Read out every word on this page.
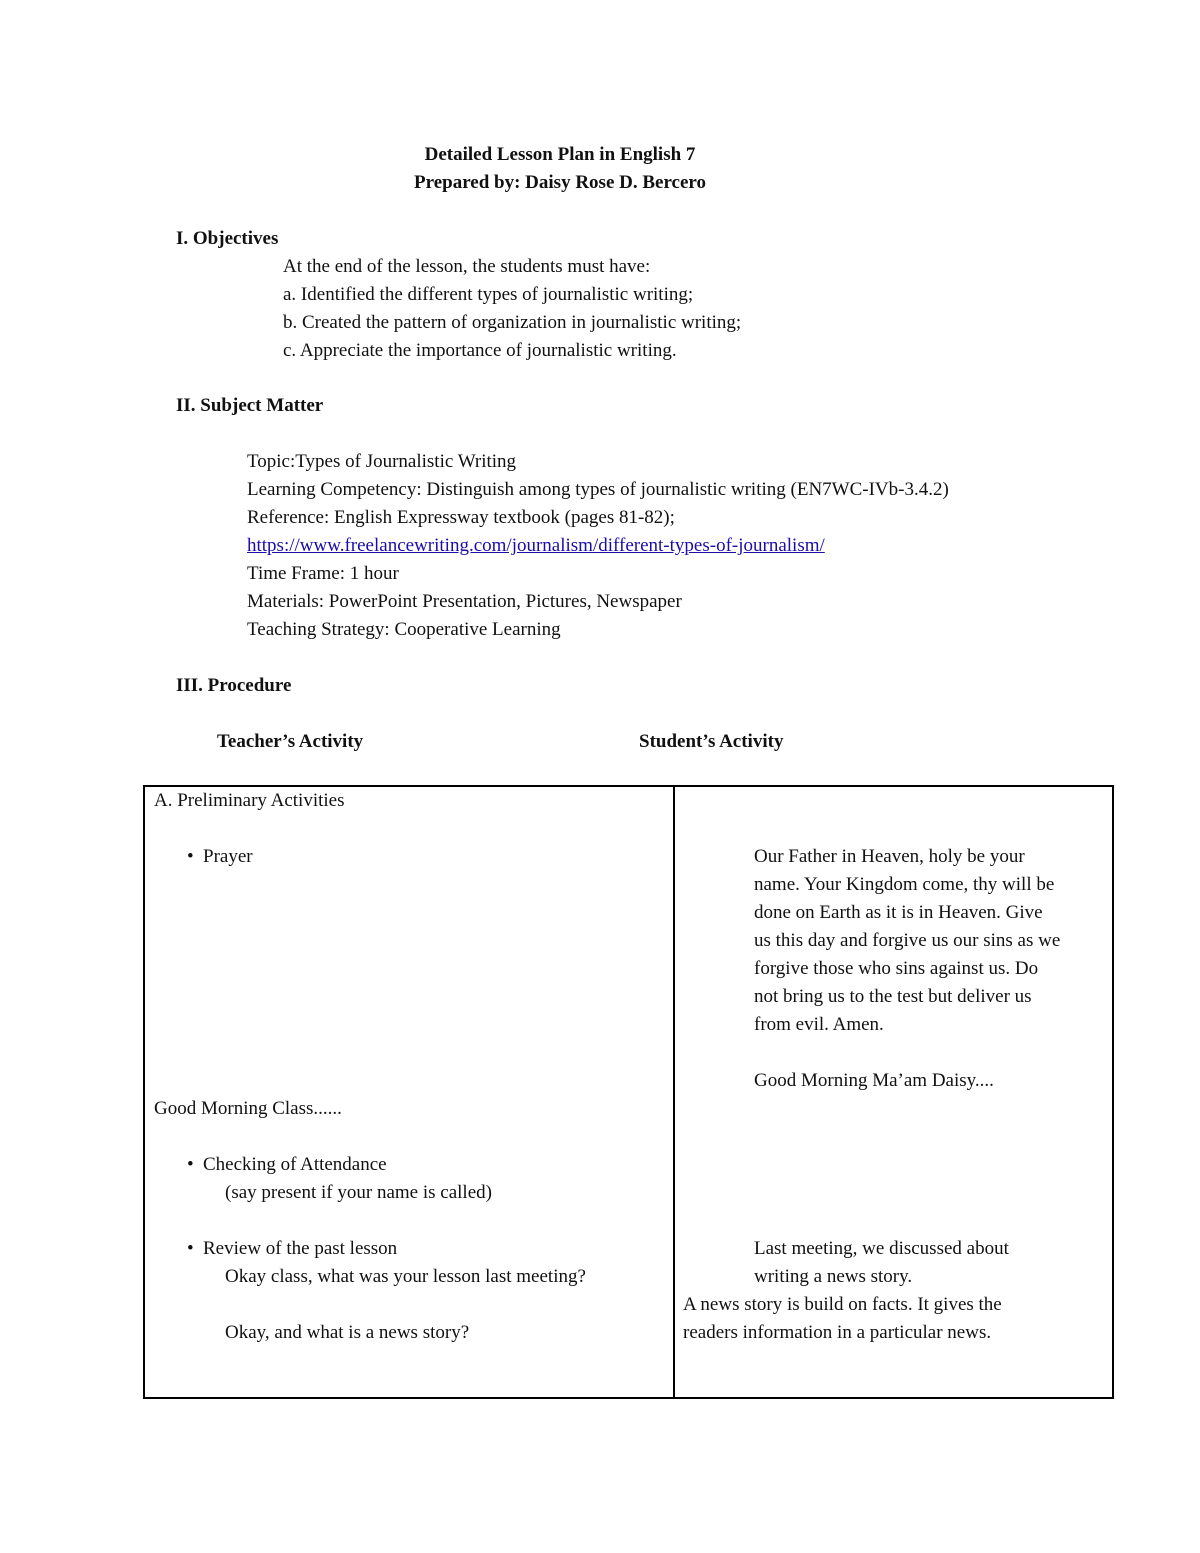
Detailed Lesson Plan in English 7
Prepared by: Daisy Rose D. Bercero
I. Objectives
At the end of the lesson, the students must have:
a. Identified the different types of journalistic writing;
b. Created the pattern of organization in journalistic writing;
c. Appreciate the importance of journalistic writing.
II. Subject Matter
Topic:Types of Journalistic Writing
Learning Competency: Distinguish among types of journalistic writing (EN7WC-IVb-3.4.2)
Reference: English Expressway textbook (pages 81-82);
https://www.freelancewriting.com/journalism/different-types-of-journalism/
Time Frame: 1 hour
Materials: PowerPoint Presentation, Pictures, Newspaper
Teaching Strategy: Cooperative Learning
III. Procedure
Teacher’s Activity	Student’s Activity
A. Preliminary Activities
• Prayer
Good Morning Class......
• Checking of Attendance
(say present if your name is called)
• Review of the past lesson
Okay class, what was your lesson last meeting?
Okay, and what is a news story?
Our Father in Heaven, holy be your
name. Your Kingdom come, thy will be
done on Earth as it is in Heaven. Give
us this day and forgive us our sins as we
forgive those who sins against us. Do
not bring us to the test but deliver us
from evil. Amen.
Good Morning Ma’am Daisy....
Last meeting, we discussed about
writing a news story.
A news story is build on facts. It gives the
readers information in a particular news.
